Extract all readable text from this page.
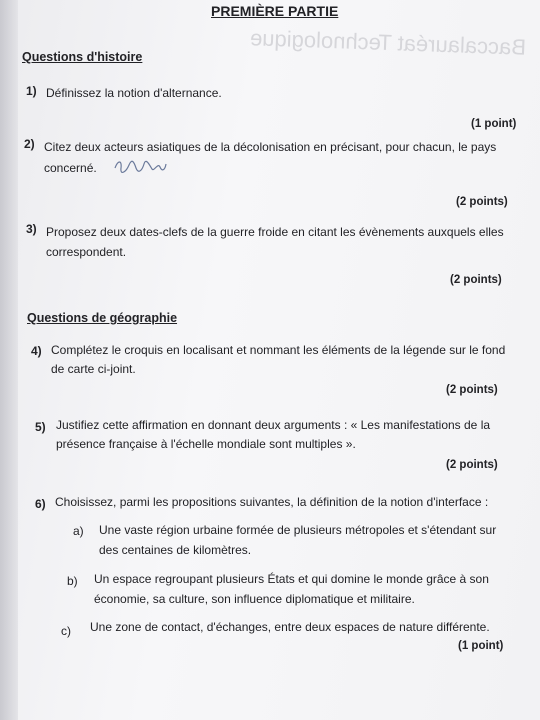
Baccalauréat Technologique
PREMIÈRE PARTIE
Questions d'histoire
1) Définissez la notion d'alternance.
(1 point)
2) Citez deux acteurs asiatiques de la décolonisation en précisant, pour chacun, le pays
concerné.
(2 points)
3) Proposez deux dates-clefs de la guerre froide en citant les évènements auxquels elles
correspondent.
(2 points)
Questions de géographie
4) Complétez le croquis en localisant et nommant les éléments de la légende sur le fond
de carte ci-joint.
(2 points)
5) Justifiez cette affirmation en donnant deux arguments : « Les manifestations de la
présence française à l'échelle mondiale sont multiples ».
(2 points)
6) Choisissez, parmi les propositions suivantes, la définition de la notion d'interface :
a) Une vaste région urbaine formée de plusieurs métropoles et s'étendant sur
des centaines de kilomètres.
b) Un espace regroupant plusieurs États et qui domine le monde grâce à son
économie, sa culture, son influence diplomatique et militaire.
c) Une zone de contact, d'échanges, entre deux espaces de nature différente.
(1 point)
